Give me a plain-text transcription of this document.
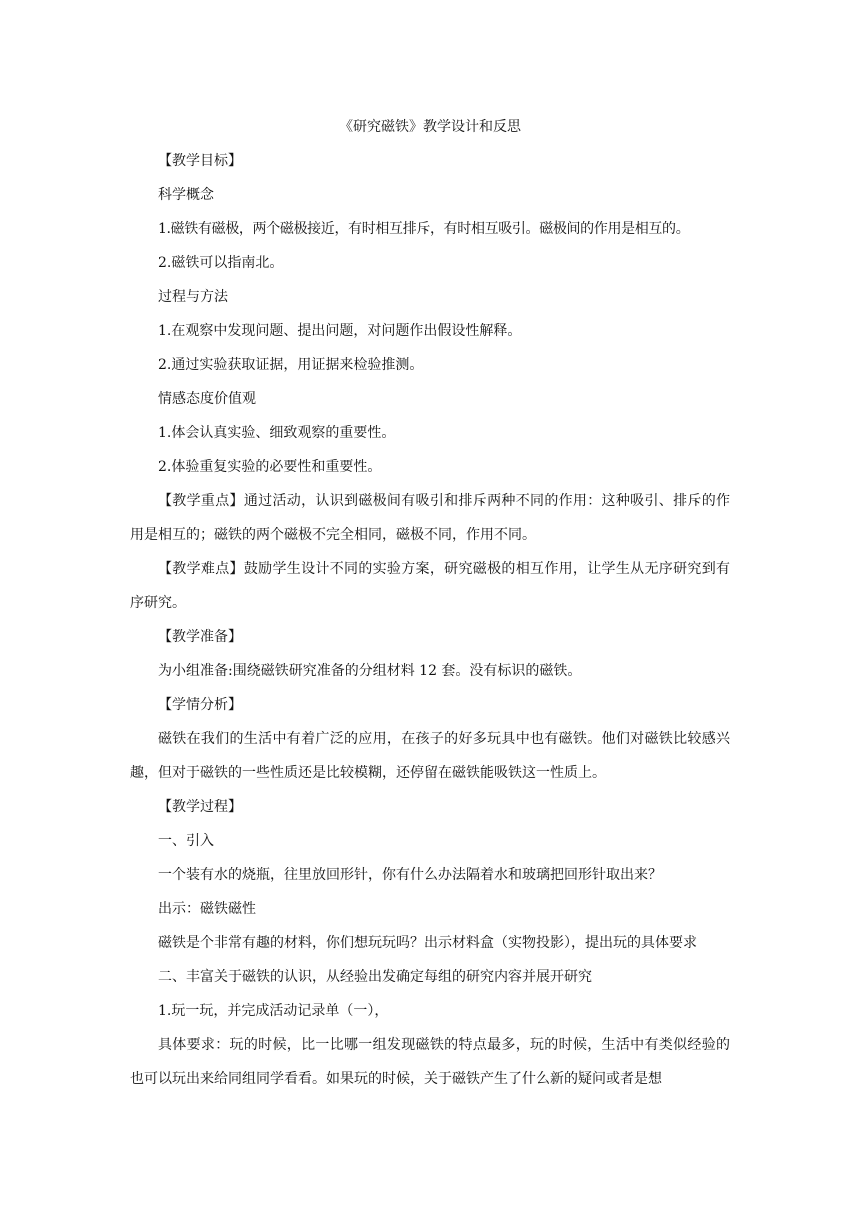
《研究磁铁》教学设计和反思

【教学目标】

科学概念

1.磁铁有磁极，两个磁极接近，有时相互排斥，有时相互吸引。磁极间的作用是相互的。

2.磁铁可以指南北。

过程与方法

1.在观察中发现问题、提出问题，对问题作出假设性解释。

2.通过实验获取证据，用证据来检验推测。

情感态度价值观

1.体会认真实验、细致观察的重要性。

2.体验重复实验的必要性和重要性。

【教学重点】通过活动，认识到磁极间有吸引和排斥两种不同的作用：这种吸引、排斥的作用是相互的；磁铁的两个磁极不完全相同，磁极不同，作用不同。

【教学难点】鼓励学生设计不同的实验方案，研究磁极的相互作用，让学生从无序研究到有序研究。

【教学准备】

为小组准备:围绕磁铁研究准备的分组材料 12 套。没有标识的磁铁。

【学情分析】

磁铁在我们的生活中有着广泛的应用，在孩子的好多玩具中也有磁铁。他们对磁铁比较感兴趣，但对于磁铁的一些性质还是比较模糊，还停留在磁铁能吸铁这一性质上。

【教学过程】

一、引入

一个装有水的烧瓶，往里放回形针，你有什么办法隔着水和玻璃把回形针取出来？

出示：磁铁磁性

磁铁是个非常有趣的材料，你们想玩玩吗？出示材料盒（实物投影），提出玩的具体要求

二、丰富关于磁铁的认识，从经验出发确定每组的研究内容并展开研究

1.玩一玩，并完成活动记录单（一），

具体要求：玩的时候，比一比哪一组发现磁铁的特点最多，玩的时候，生活中有类似经验的也可以玩出来给同组同学看看。如果玩的时候，关于磁铁产生了什么新的疑问或者是想
